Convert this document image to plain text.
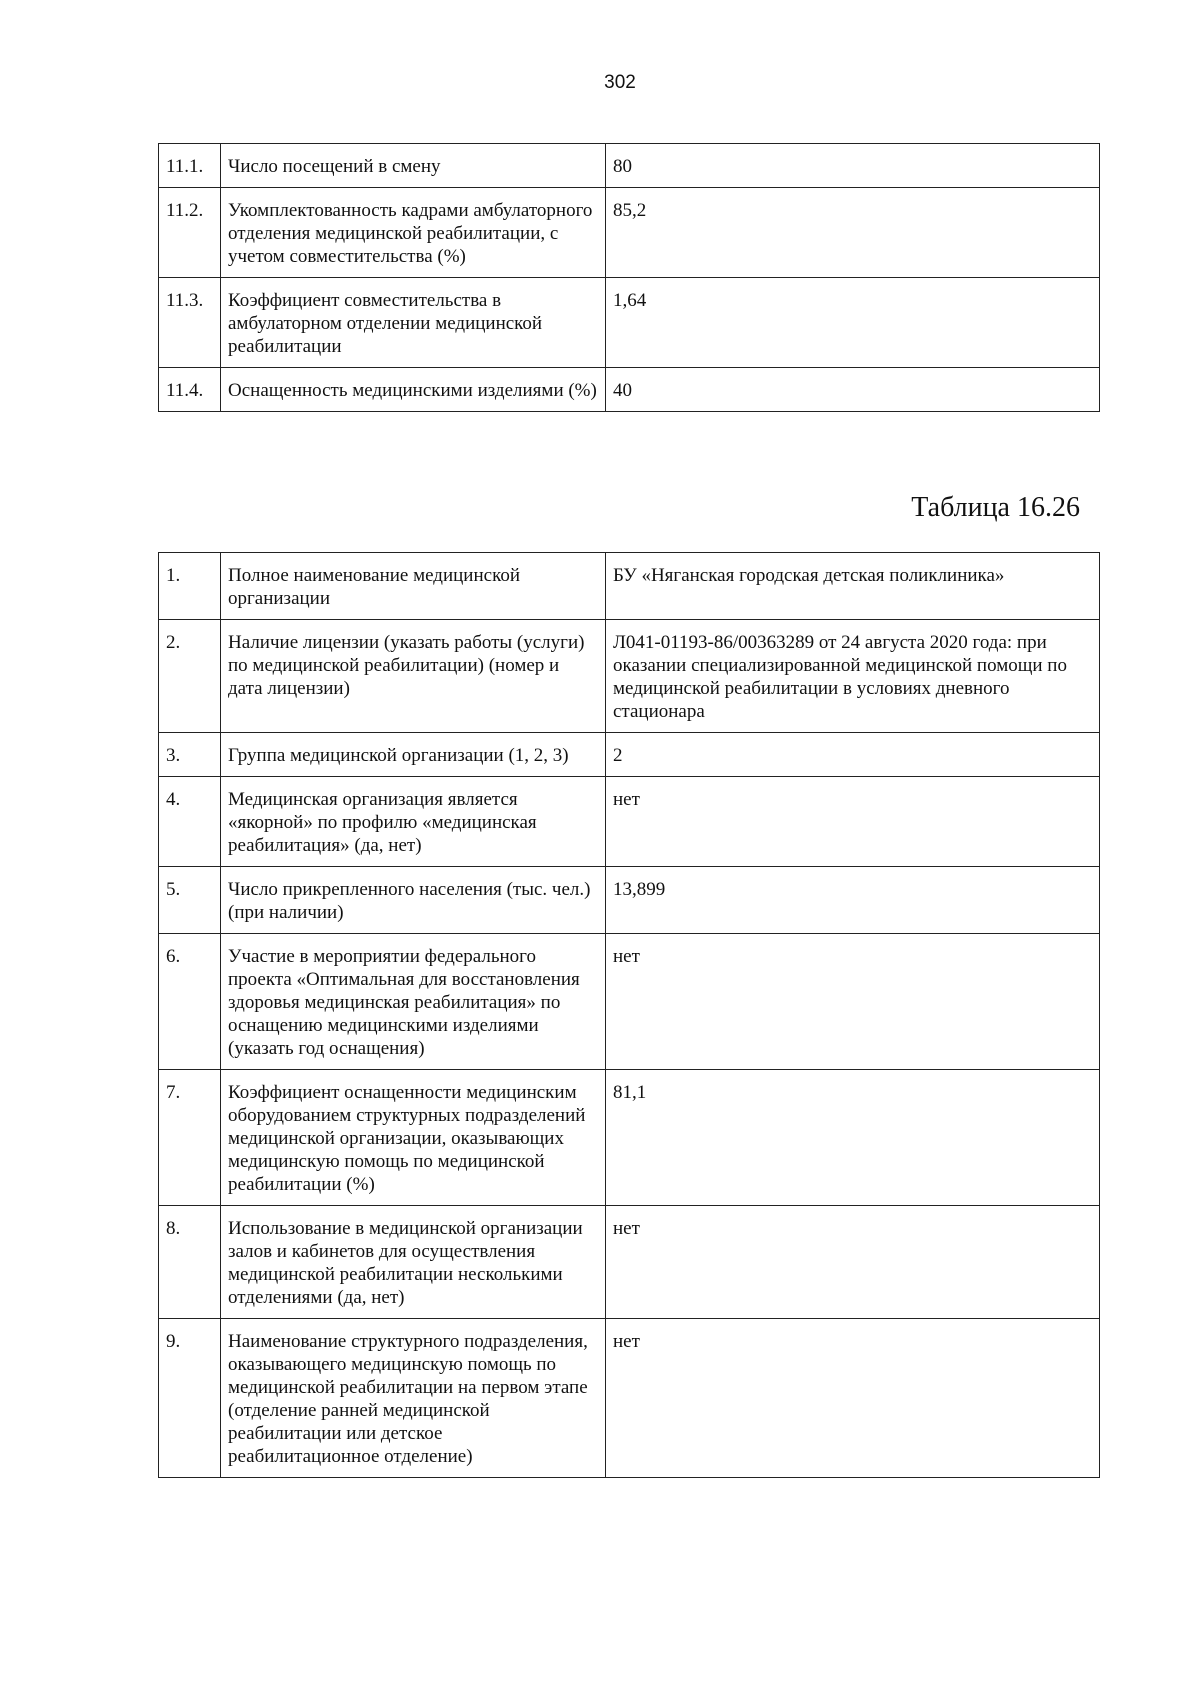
302
11.1.	Число посещений в смену	80
11.2.	Укомплектованность кадрами амбулаторного отделения медицинской реабилитации, с учетом совместительства (%)	85,2
11.3.	Коэффициент совместительства в амбулаторном отделении медицинской реабилитации	1,64
11.4.	Оснащенность медицинскими изделиями (%)	40
Таблица 16.26
1.	Полное наименование медицинской организации	БУ «Няганская городская детская поликлиника»
2.	Наличие лицензии (указать работы (услуги) по медицинской реабилитации) (номер и дата лицензии)	Л041-01193-86/00363289 от 24 августа 2020 года: при оказании специализированной медицинской помощи по медицинской реабилитации в условиях дневного стационара
3.	Группа медицинской организации (1, 2, 3)	2
4.	Медицинская организация является «якорной» по профилю «медицинская реабилитация» (да, нет)	нет
5.	Число прикрепленного населения (тыс. чел.) (при наличии)	13,899
6.	Участие в мероприятии федерального проекта «Оптимальная для восстановления здоровья медицинская реабилитация» по оснащению медицинскими изделиями (указать год оснащения)	нет
7.	Коэффициент оснащенности медицинским оборудованием структурных подразделений медицинской организации, оказывающих медицинскую помощь по медицинской реабилитации (%)	81,1
8.	Использование в медицинской организации залов и кабинетов для осуществления медицинской реабилитации несколькими отделениями (да, нет)	нет
9.	Наименование структурного подразделения, оказывающего медицинскую помощь по медицинской реабилитации на первом этапе (отделение ранней медицинской реабилитации или детское реабилитационное отделение)	нет
